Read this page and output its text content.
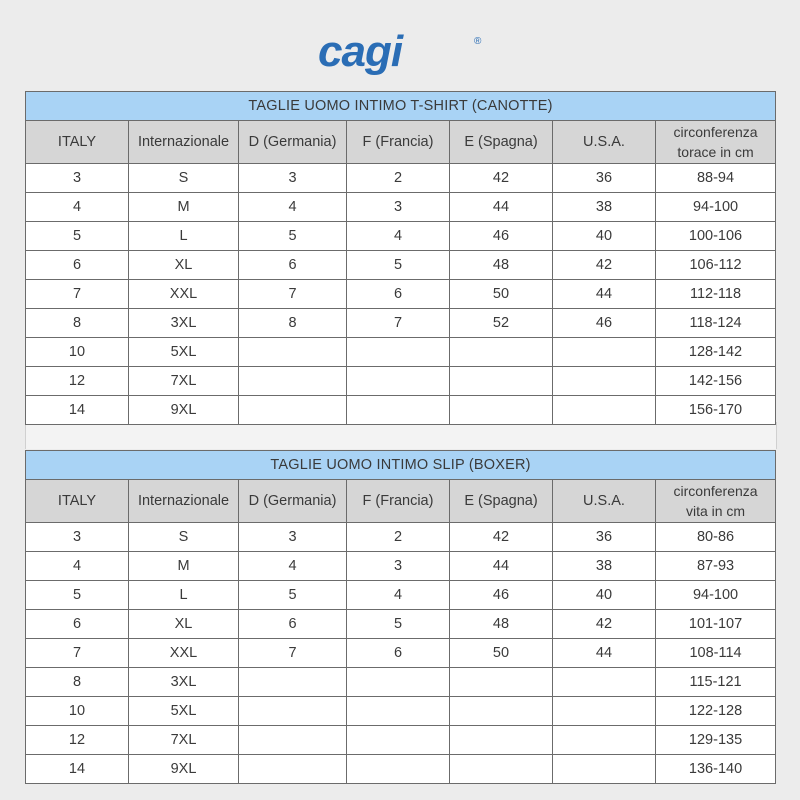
cagi	®
TAGLIE UOMO INTIMO T-SHIRT (CANOTTE)						
ITALY	Internazionale	D (Germania)	F (Francia)	E (Spagna)	U.S.A.	circonferenza
torace in cm
3	S	3	2	42	36	88-94
4	M	4	3	44	38	94-100
5	L	5	4	46	40	100-106
6	XL	6	5	48	42	106-112
7	XXL	7	6	50	44	112-118
8	3XL	8	7	52	46	118-124
10	5XL					128-142
12	7XL					142-156
14	9XL					156-170
TAGLIE UOMO INTIMO SLIP (BOXER)						
ITALY	Internazionale	D (Germania)	F (Francia)	E (Spagna)	U.S.A.	circonferenza
vita in cm
3	S	3	2	42	36	80-86
4	M	4	3	44	38	87-93
5	L	5	4	46	40	94-100
6	XL	6	5	48	42	101-107
7	XXL	7	6	50	44	108-114
8	3XL					115-121
10	5XL					122-128
12	7XL					129-135
14	9XL					136-140
